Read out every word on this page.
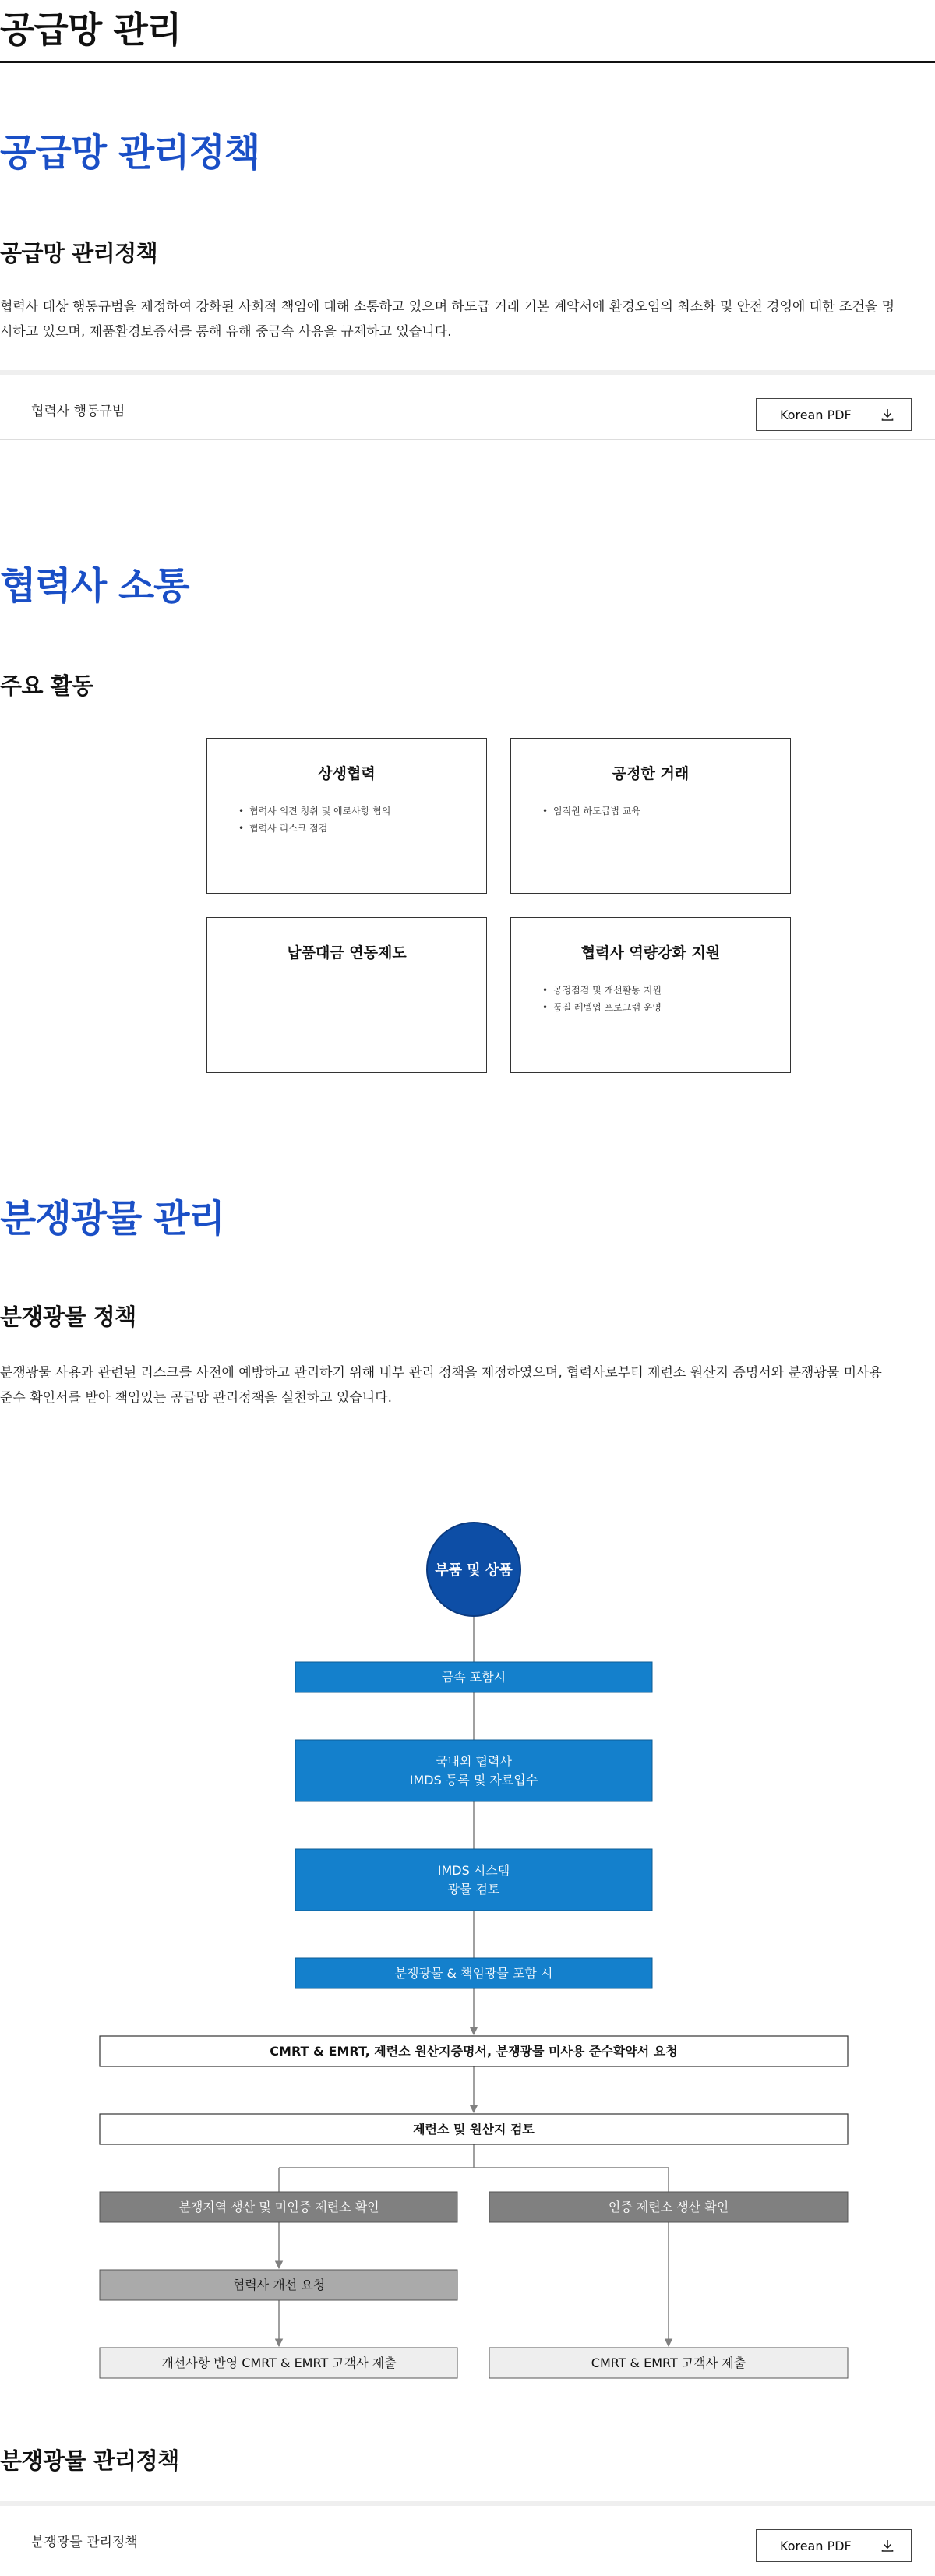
공급망 관리
공급망 관리정책
공급망 관리정책
협력사 대상 행동규범을 제정하여 강화된 사회적 책임에 대해 소통하고 있으며 하도급 거래 기본 계약서에 환경오염의 최소화 및 안전 경영에 대한 조건을 명
시하고 있으며, 제품환경보증서를 통해 유해 중금속 사용을 규제하고 있습니다.
협력사 행동규범	Korean PDF
협력사 소통
주요 활동
상생협력
• 협력사 의견 청취 및 애로사항 협의
• 협력사 리스크 점검
공정한 거래
• 임직원 하도급법 교육
납품대금 연동제도	협력사 역량강화 지원
• 공정점검 및 개선활동 지원
• 품질 레벨업 프로그램 운영
분쟁광물 관리
분쟁광물 정책
분쟁광물 사용과 관련된 리스크를 사전에 예방하고 관리하기 위해 내부 관리 정책을 제정하였으며, 협력사로부터 제련소 원산지 증명서와 분쟁광물 미사용
준수 확인서를 받아 책임있는 공급망 관리정책을 실천하고 있습니다.
부품 및 상품
금속 포함시
국내외 협력사
IMDS 등록 및 자료입수
IMDS 시스템
광물 검토
분쟁광물 & 책임광물 포함 시
CMRT & EMRT, 제련소 원산지증명서, 분쟁광물 미사용 준수확약서 요청
제련소 및 원산지 검토
분쟁지역 생산 및 미인증 제련소 확인
협력사 개선 요청
개선사항 반영 CMRT & EMRT 고객사 제출
인증 제련소 생산 확인
CMRT & EMRT 고객사 제출
분쟁광물 관리정책
분쟁광물 관리정책	Korean PDF
